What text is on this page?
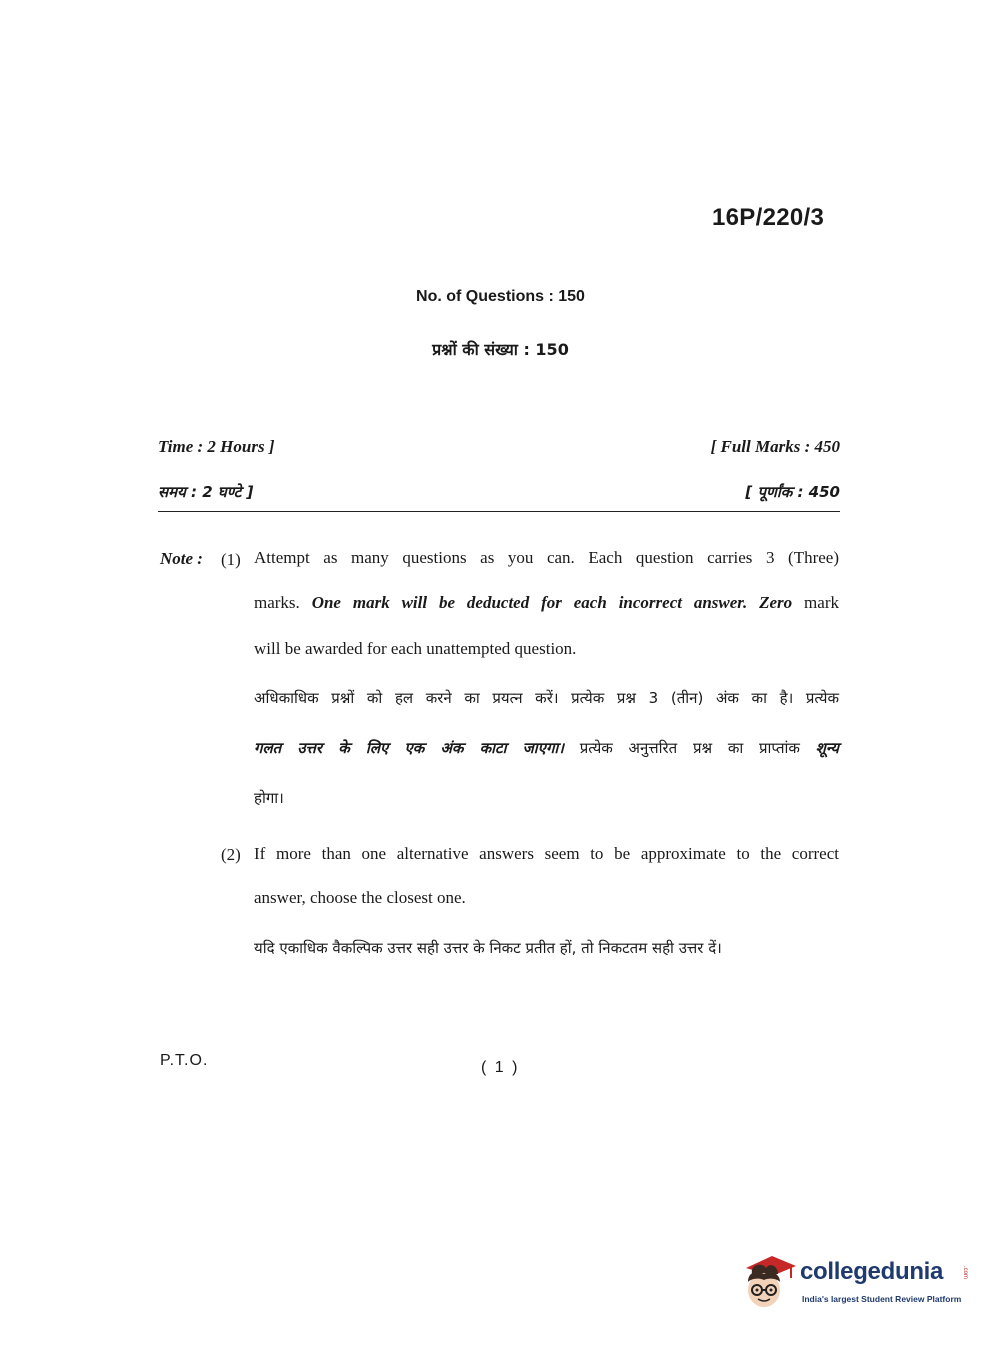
16P/220/3
No. of Questions : 150
प्रश्नों की संख्या : 150
Time : 2 Hours ]	[ Full Marks : 450
समय : 2 घण्टे ]	[ पूर्णांक : 450
Note : (1) Attempt as many questions as you can. Each question carries 3 (Three)
marks. One mark will be deducted for each incorrect answer. Zero mark
will be awarded for each unattempted question.
अधिकाधिक प्रश्नों को हल करने का प्रयत्न करें। प्रत्येक प्रश्न 3 (तीन) अंक का है। प्रत्येक
गलत उत्तर के लिए एक अंक काटा जाएगा। प्रत्येक अनुत्तरित प्रश्न का प्राप्तांक शून्य
होगा।
(2) If more than one alternative answers seem to be approximate to the correct
answer, choose the closest one.
यदि एकाधिक वैकल्पिक उत्तर सही उत्तर के निकट प्रतीत हों, तो निकटतम सही उत्तर दें।
P.T.O.	( 1 )
collegedunia	.com
India's largest Student Review Platform
